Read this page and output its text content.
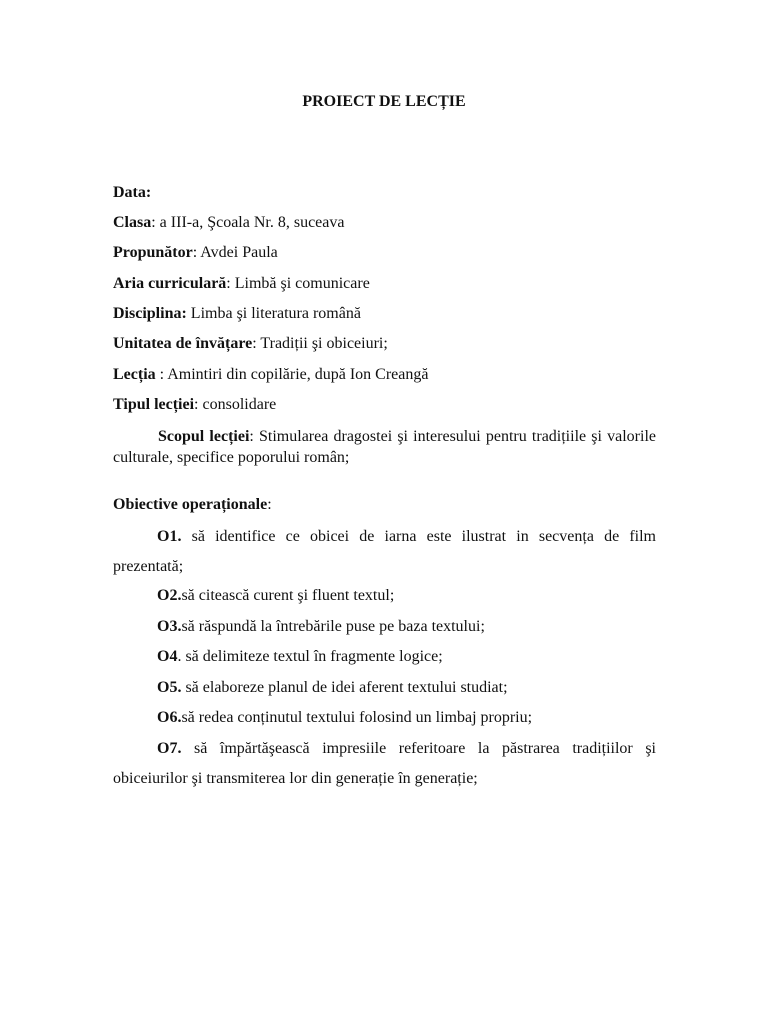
PROIECT DE LECȚIE
Data:
Clasa: a III-a, Şcoala Nr. 8, suceava
Propunător: Avdei Paula
Aria curriculară: Limbă şi comunicare
Disciplina: Limba şi literatura română
Unitatea de învățare: Tradiții şi obiceiuri;
Lecția : Amintiri din copilărie, după Ion Creangă
Tipul lecției: consolidare
Scopul lecției: Stimularea dragostei şi interesului pentru tradițiile şi valorile culturale, specifice poporului român;
Obiective operaționale:
O1. să identifice ce obicei de iarna este ilustrat in secvența de film prezentată;
O2.să citească curent şi fluent textul;
O3.să răspundă la întrebările puse pe baza textului;
O4. să delimiteze textul în fragmente logice;
O5. să elaboreze planul de idei aferent textului studiat;
O6.să redea conținutul textului folosind un limbaj propriu;
O7. să împărtăşească impresiile referitoare la păstrarea tradițiilor şi obiceiurilor şi transmiterea lor din generație în generație;
